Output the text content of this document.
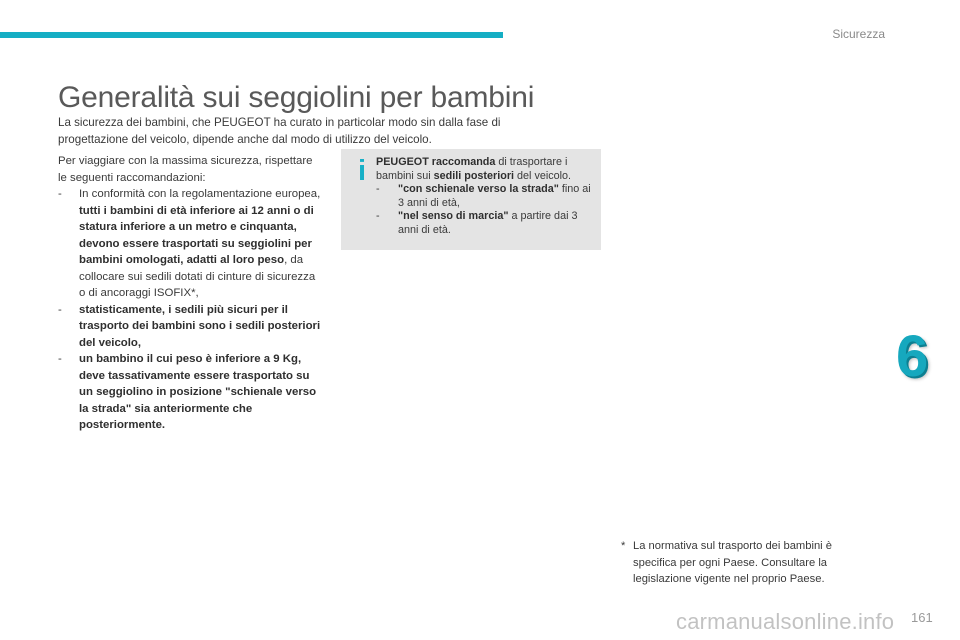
Sicurezza
Generalità sui seggiolini per bambini

La sicurezza dei bambini, che PEUGEOT ha curato in particolar modo sin dalla fase di progettazione del veicolo, dipende anche dal modo di utilizzo del veicolo.

Per viaggiare con la massima sicurezza, rispettare le seguenti raccomandazioni:

- In conformità con la regolamentazione europea, tutti i bambini di età inferiore ai 12 anni o di statura inferiore a un metro e cinquanta, devono essere trasportati su seggiolini per bambini omologati, adatti al loro peso, da collocare sui sedili dotati di cinture di sicurezza o di ancoraggi ISOFIX*,
- statisticamente, i sedili più sicuri per il trasporto dei bambini sono i sedili posteriori del veicolo,
- un bambino il cui peso è inferiore a 9 Kg, deve tassativamente essere trasportato su un seggiolino in posizione "schienale verso la strada" sia anteriormente che posteriormente.
i PEUGEOT raccomanda di trasportare i bambini sui sedili posteriori del veicolo.

- "con schienale verso la strada" fino ai 3 anni di età,
- "nel senso di marcia" a partire dai 3 anni di età.
6
* La normativa sul trasporto dei bambini è specifica per ogni Paese. Consultare la legislazione vigente nel proprio Paese.
carmanualsonline.info 161
